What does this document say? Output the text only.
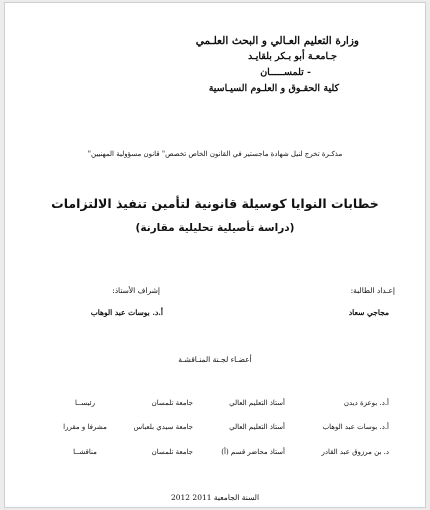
وزارة التعليم العـالي و البحث العلـمي
جـامعـة أبو بـكر بلقايـد
- تلمســـــان
كلية الحقـوق و العلـوم السيـاسية
مذكـرة تخرج لنيل شهادة ماجستير في القانون الخاص تخصص" قانون مسؤولية المهنيين"
خطابات النوايا كوسيلة قانونية لتأمين تنفيذ الالتزامات
(دراسة تأصيلية تحليلية مقارنة)
إعـداد الطالبة:
إشراف الأستاذ:
مجاجي سعاد
أ.د. بوسات عبد الوهاب
أعضـاء لجـنة المنـاقشـة
أ.د. بوعزة ديدن
أستاذ التعليم العالي
جامعة تلمسان
رئيســا
أ.د. بوسات عبد الوهاب
أستاذ التعليم العالي
جامعة سيدي بلعباس
مشرفا و مقررا
د. بن مرزوق عبد القادر
أستاذ محاضر قسم (أ)
جامعة تلمسان
مناقشــا
السنة الجامعية 2011 2012
